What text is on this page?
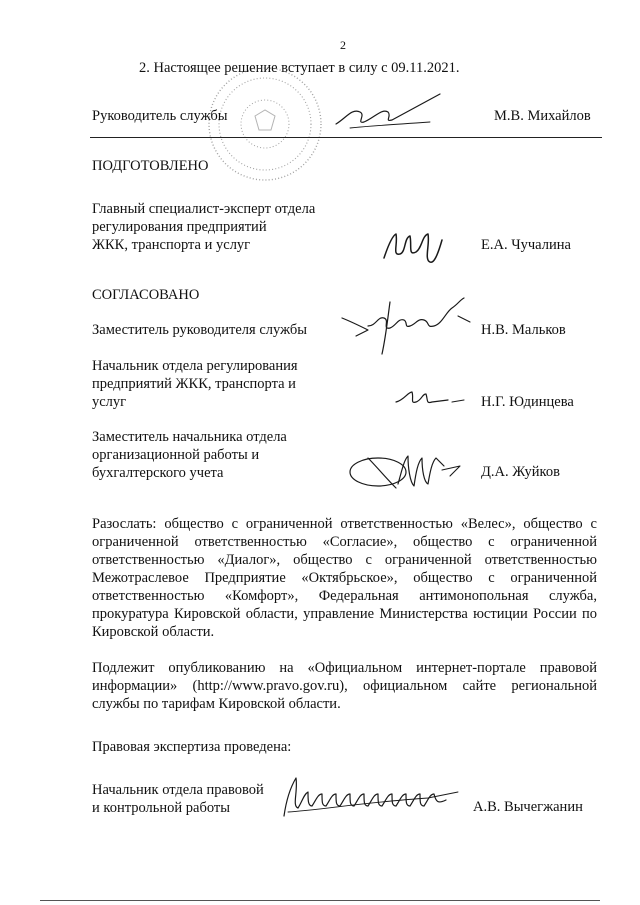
2
2. Настоящее решение вступает в силу с 09.11.2021.
Руководитель службы	М.В. Михайлов
ПОДГОТОВЛЕНО
Главный специалист-эксперт отдела
регулирования предприятий
ЖКК, транспорта и услуг	Е.А. Чучалина
СОГЛАСОВАНО
Заместитель руководителя службы	Н.В. Мальков
Начальник отдела регулирования
предприятий ЖКК, транспорта и
услуг	Н.Г. Юдинцева
Заместитель начальника отдела
организационной работы и
бухгалтерского учета	Д.А. Жуйков
Разослать: общество с ограниченной ответственностью «Велес», общество с ограниченной ответственностью «Согласие», общество с ограниченной ответственностью «Диалог», общество с ограниченной ответственностью Межотраслевое Предприятие «Октябрьское», общество с ограниченной ответственностью «Комфорт», Федеральная антимонопольная служба, прокуратура Кировской области, управление Министерства юстиции России по Кировской области.
Подлежит опубликованию на «Официальном интернет-портале правовой информации» (http://www.pravo.gov.ru), официальном сайте региональной службы по тарифам Кировской области.
Правовая экспертиза проведена:
Начальник отдела правовой
и контрольной работы	А.В. Вычегжанин
